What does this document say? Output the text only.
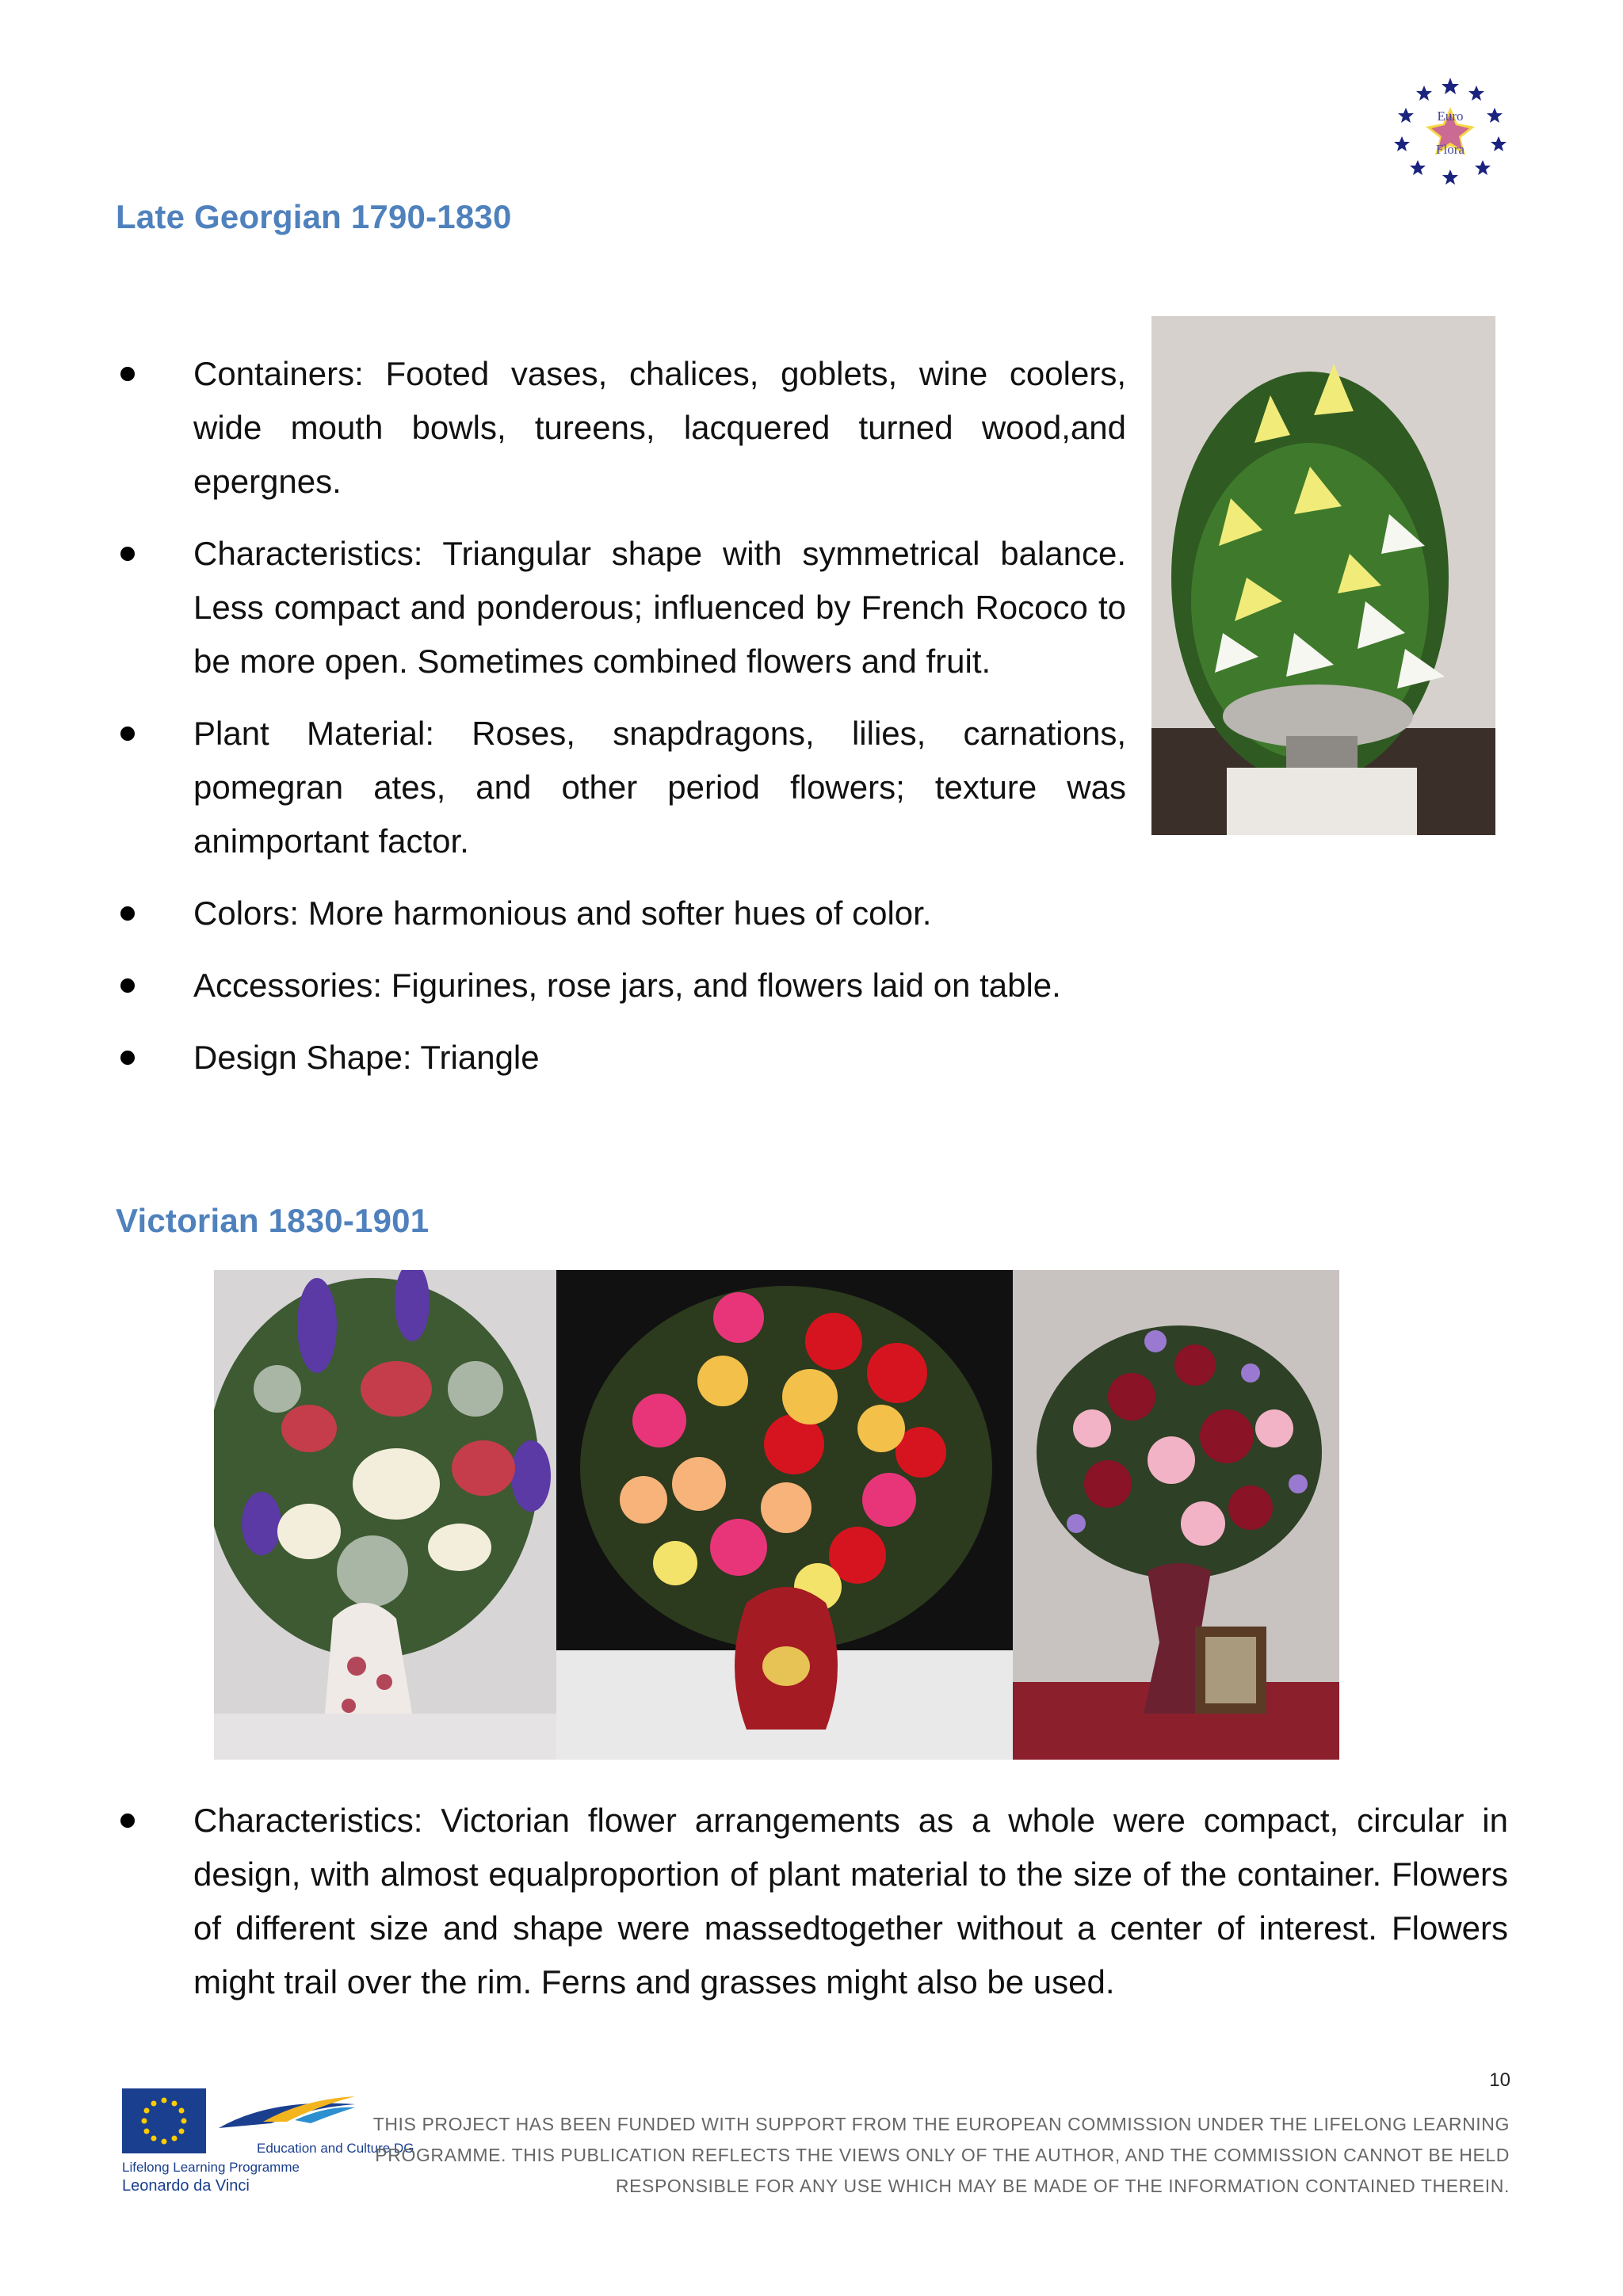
Euro
Flora
Late Georgian 1790-1830
Containers: Footed vases, chalices, goblets, wine coolers, wide mouth bowls, tureens, lacquered turned wood,and epergnes.
Characteristics: Triangular shape with symmetrical balance. Less compact and ponderous; influenced by French Rococo to be more open. Sometimes combined flowers and fruit.
Plant Material: Roses, snapdragons, lilies, carnations, pomegran ates, and other period flowers; texture was animportant factor.
Colors: More harmonious and softer hues of color.
Accessories: Figurines, rose jars, and flowers laid on table.
Design Shape: Triangle
Victorian 1830-1901
Characteristics: Victorian flower arrangements as a whole were compact, circular in design, with almost equalproportion of plant material to the size of the container. Flowers of different size and shape were massedtogether without a center of interest. Flowers might trail over the rim. Ferns and grasses might also be used.
10
Education and Culture DG
Lifelong Learning Programme
Leonardo da Vinci
THIS PROJECT HAS BEEN FUNDED WITH SUPPORT FROM THE EUROPEAN COMMISSION UNDER THE LIFELONG LEARNING PROGRAMME. THIS PUBLICATION REFLECTS THE VIEWS ONLY OF THE AUTHOR, AND THE COMMISSION CANNOT BE HELD RESPONSIBLE FOR ANY USE WHICH MAY BE MADE OF THE INFORMATION CONTAINED THEREIN.
